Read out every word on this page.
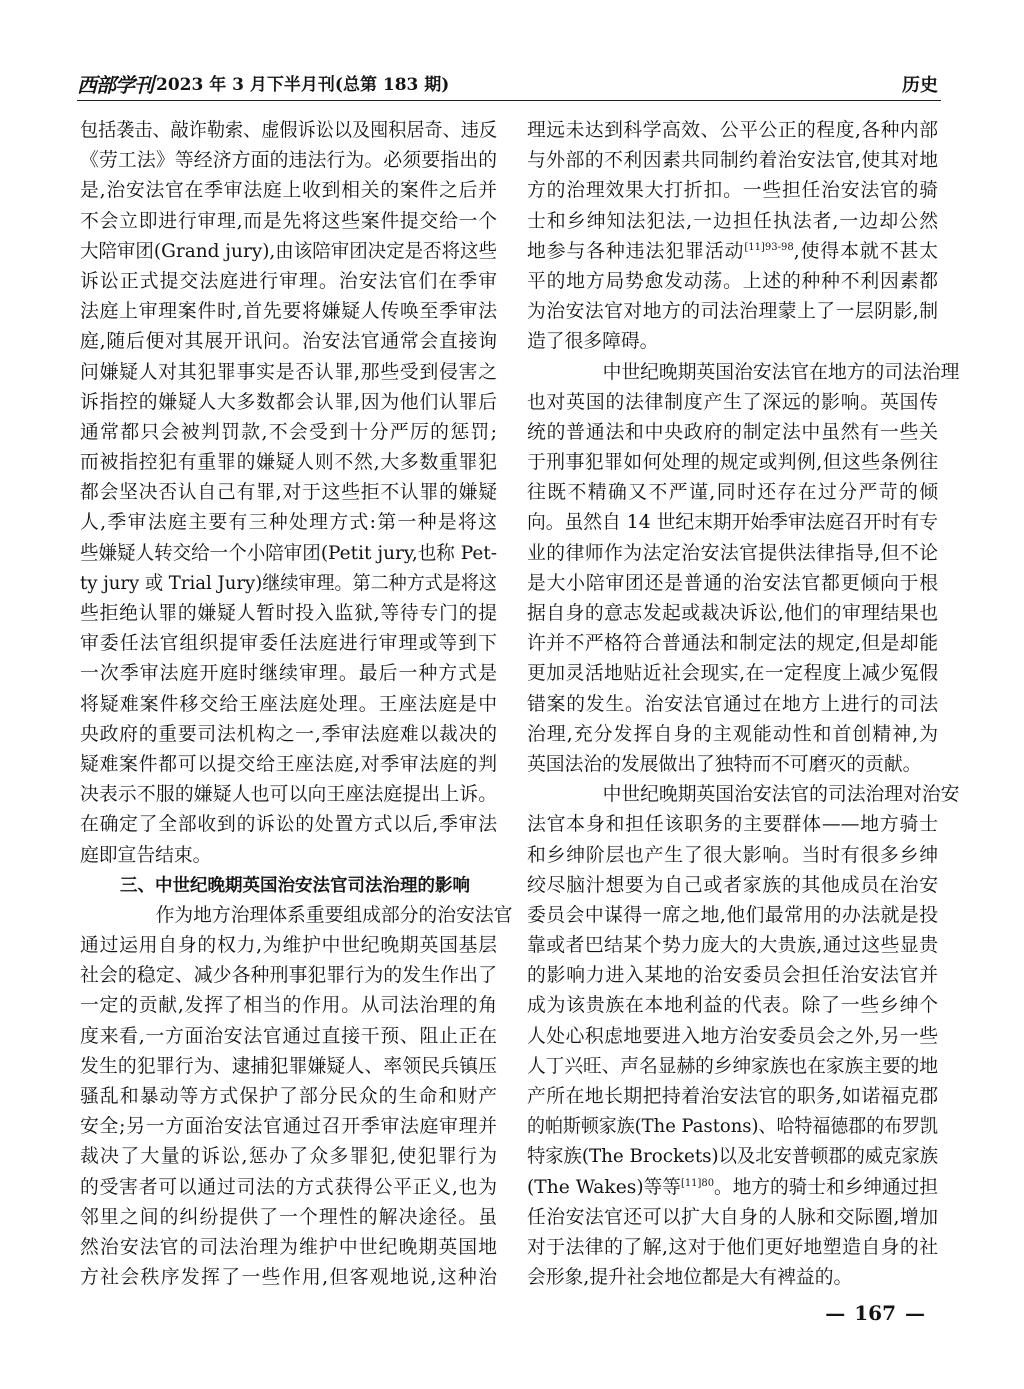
西部学刊 2023 年 3 月下半月刊(总第 183 期)	历史
包括袭击、敲诈勒索、虚假诉讼以及囤积居奇、违反
《劳工法》等经济方面的违法行为。必须要指出的
是,治安法官在季审法庭上收到相关的案件之后并
不会立即进行审理,而是先将这些案件提交给一个
大陪审团(Grand jury),由该陪审团决定是否将这些
诉讼正式提交法庭进行审理。治安法官们在季审
法庭上审理案件时,首先要将嫌疑人传唤至季审法
庭,随后便对其展开讯问。治安法官通常会直接询
问嫌疑人对其犯罪事实是否认罪,那些受到侵害之
诉指控的嫌疑人大多数都会认罪,因为他们认罪后
通常都只会被判罚款,不会受到十分严厉的惩罚;
而被指控犯有重罪的嫌疑人则不然,大多数重罪犯
都会坚决否认自己有罪,对于这些拒不认罪的嫌疑
人,季审法庭主要有三种处理方式:第一种是将这
些嫌疑人转交给一个小陪审团(Petit jury,也称 Pet-
ty jury 或 Trial Jury)继续审理。第二种方式是将这
些拒绝认罪的嫌疑人暂时投入监狱,等待专门的提
审委任法官组织提审委任法庭进行审理或等到下
一次季审法庭开庭时继续审理。最后一种方式是
将疑难案件移交给王座法庭处理。王座法庭是中
央政府的重要司法机构之一,季审法庭难以裁决的
疑难案件都可以提交给王座法庭,对季审法庭的判
决表示不服的嫌疑人也可以向王座法庭提出上诉。
在确定了全部收到的诉讼的处置方式以后,季审法
庭即宣告结束。
三、中世纪晚期英国治安法官司法治理的影响
作为地方治理体系重要组成部分的治安法官
通过运用自身的权力,为维护中世纪晚期英国基层
社会的稳定、减少各种刑事犯罪行为的发生作出了
一定的贡献,发挥了相当的作用。从司法治理的角
度来看,一方面治安法官通过直接干预、阻止正在
发生的犯罪行为、逮捕犯罪嫌疑人、率领民兵镇压
骚乱和暴动等方式保护了部分民众的生命和财产
安全;另一方面治安法官通过召开季审法庭审理并
裁决了大量的诉讼,惩办了众多罪犯,使犯罪行为
的受害者可以通过司法的方式获得公平正义,也为
邻里之间的纠纷提供了一个理性的解决途径。虽
然治安法官的司法治理为维护中世纪晚期英国地
方社会秩序发挥了一些作用,但客观地说,这种治
理远未达到科学高效、公平公正的程度,各种内部
与外部的不利因素共同制约着治安法官,使其对地
方的治理效果大打折扣。一些担任治安法官的骑
士和乡绅知法犯法,一边担任执法者,一边却公然
地参与各种违法犯罪活动$^{[11]93-98}$,使得本就不甚太
平的地方局势愈发动荡。上述的种种不利因素都
为治安法官对地方的司法治理蒙上了一层阴影,制
造了很多障碍。
中世纪晚期英国治安法官在地方的司法治理
也对英国的法律制度产生了深远的影响。英国传
统的普通法和中央政府的制定法中虽然有一些关
于刑事犯罪如何处理的规定或判例,但这些条例往
往既不精确又不严谨,同时还存在过分严苛的倾
向。虽然自 14 世纪末期开始季审法庭召开时有专
业的律师作为法定治安法官提供法律指导,但不论
是大小陪审团还是普通的治安法官都更倾向于根
据自身的意志发起或裁决诉讼,他们的审理结果也
许并不严格符合普通法和制定法的规定,但是却能
更加灵活地贴近社会现实,在一定程度上减少冤假
错案的发生。治安法官通过在地方上进行的司法
治理,充分发挥自身的主观能动性和首创精神,为
英国法治的发展做出了独特而不可磨灭的贡献。
中世纪晚期英国治安法官的司法治理对治安
法官本身和担任该职务的主要群体——地方骑士
和乡绅阶层也产生了很大影响。当时有很多乡绅
绞尽脑汁想要为自己或者家族的其他成员在治安
委员会中谋得一席之地,他们最常用的办法就是投
靠或者巴结某个势力庞大的大贵族,通过这些显贵
的影响力进入某地的治安委员会担任治安法官并
成为该贵族在本地利益的代表。除了一些乡绅个
人处心积虑地要进入地方治安委员会之外,另一些
人丁兴旺、声名显赫的乡绅家族也在家族主要的地
产所在地长期把持着治安法官的职务,如诺福克郡
的帕斯顿家族(The Pastons)、哈特福德郡的布罗凯
特家族(The Brockets)以及北安普顿郡的威克家族
(The Wakes)等等$^{[11]80}$。地方的骑士和乡绅通过担
任治安法官还可以扩大自身的人脉和交际圈,增加
对于法律的了解,这对于他们更好地塑造自身的社
会形象,提升社会地位都是大有裨益的。
— 167 —
